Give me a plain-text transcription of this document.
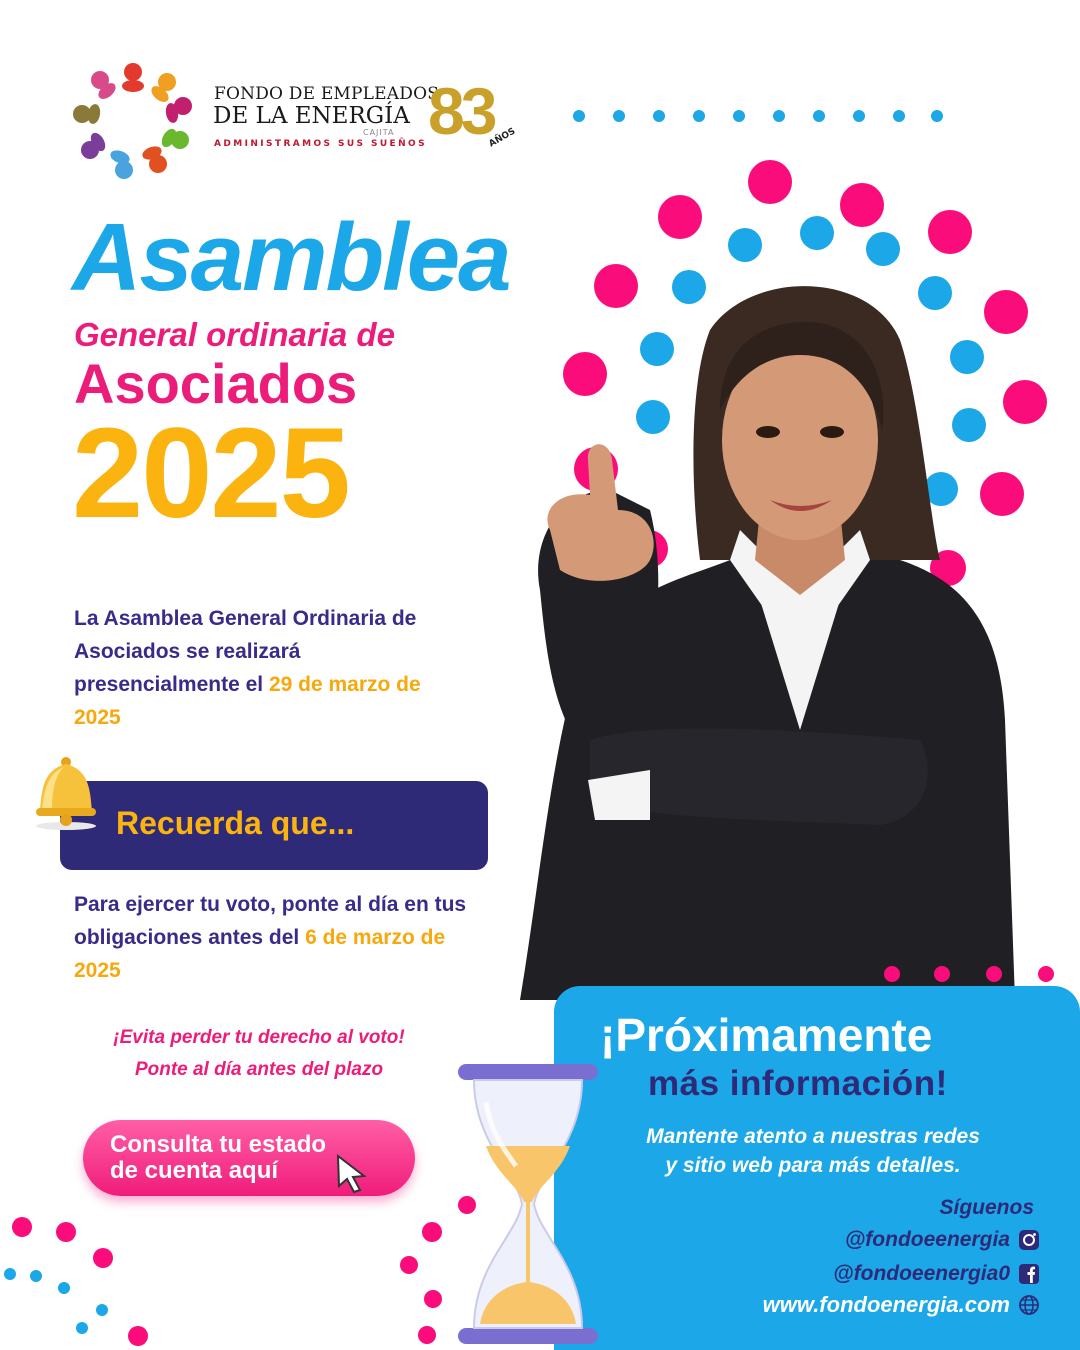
FONDO DE EMPLEADOS
DE LA ENERGÍA
CAJITA
ADMINISTRAMOS SUS SUEÑOS 83
AÑOS
Asamblea
General ordinaria de
Asociados
2025
La Asamblea General Ordinaria de Asociados se realizará presencialmente el 29 de marzo de 2025
Recuerda que...
Para ejercer tu voto, ponte al día en tus obligaciones antes del 6 de marzo de 2025
¡Evita perder tu derecho al voto!
Ponte al día antes del plazo
Consulta tu estado
de cuenta aquí
¡Próximamente
más información!
Mantente atento a nuestras redes
y sitio web para más detalles.
Síguenos
@fondoeenergia
@fondoeenergia0
www.fondoenergia.com
